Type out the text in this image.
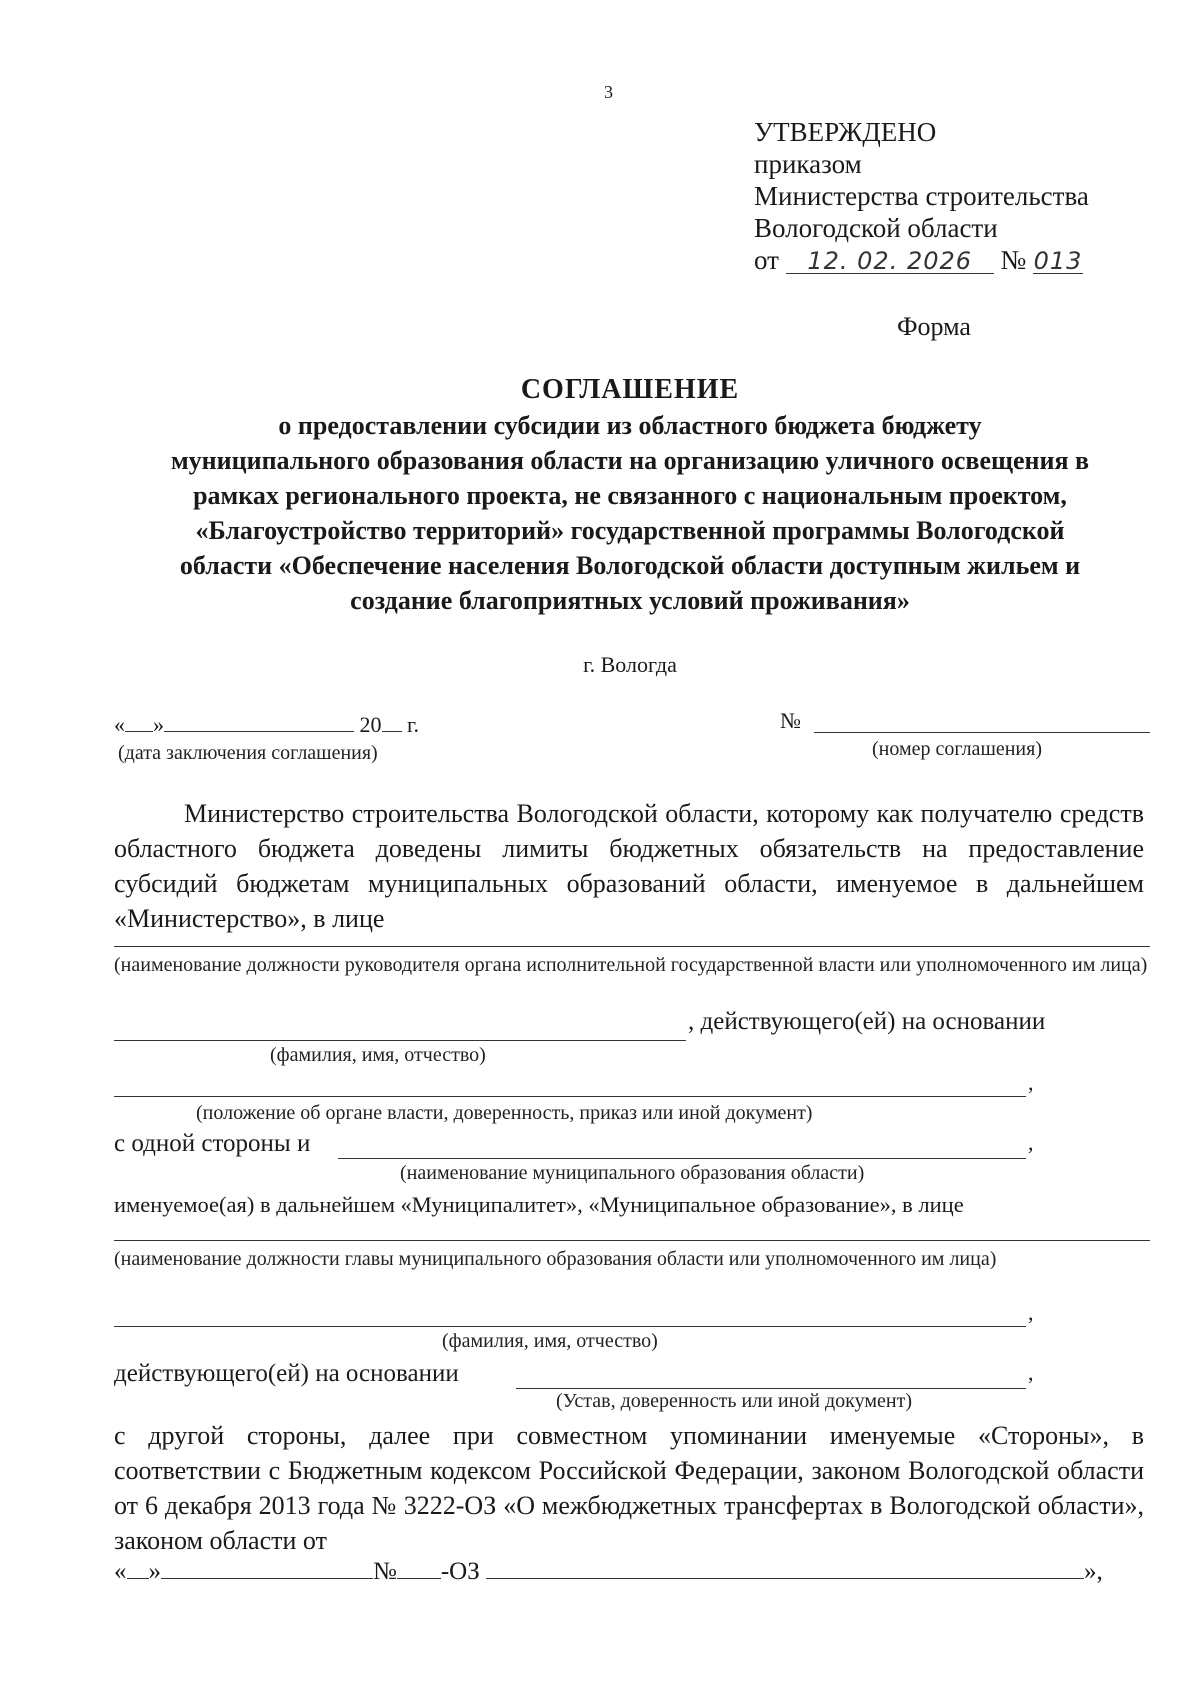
3
УТВЕРЖДЕНО
приказом
Министерства строительства
Вологодской области
от 12. 02. 2026 № 013
Форма
СОГЛАШЕНИЕ
о предоставлении субсидии из областного бюджета бюджету
муниципального образования области на организацию уличного освещения в
рамках регионального проекта, не связанного с национальным проектом,
«Благоустройство территорий» государственной программы Вологодской
области «Обеспечение населения Вологодской области доступным жильем и
создание благоприятных условий проживания»
г. Вологда
« »	20 г.
(дата заключения соглашения)
№
(номер соглашения)
Министерство строительства Вологодской области, которому как получателю средств областного бюджета доведены лимиты бюджетных обязательств на предоставление субсидий бюджетам муниципальных образований области, именуемое в дальнейшем «Министерство», в лице
(наименование должности руководителя органа исполнительной государственной власти или уполномоченного им лица)
, действующего(ей) на основании
(фамилия, имя, отчество)
,
(положение об органе власти, доверенность, приказ или иной документ)
с одной стороны и	,
(наименование муниципального образования области)
именуемое(ая) в дальнейшем «Муниципалитет», «Муниципальное образование», в лице
(наименование должности главы муниципального образования области или уполномоченного им лица)
,
(фамилия, имя, отчество)
действующего(ей) на основании	,
(Устав, доверенность или иной документ)
с другой стороны, далее при совместном упоминании именуемые «Стороны», в соответствии с Бюджетным кодексом Российской Федерации, законом Вологодской области от 6 декабря 2013 года № 3222-ОЗ «О межбюджетных трансфертах в Вологодской области», законом области от
« »	№ -ОЗ	»,
